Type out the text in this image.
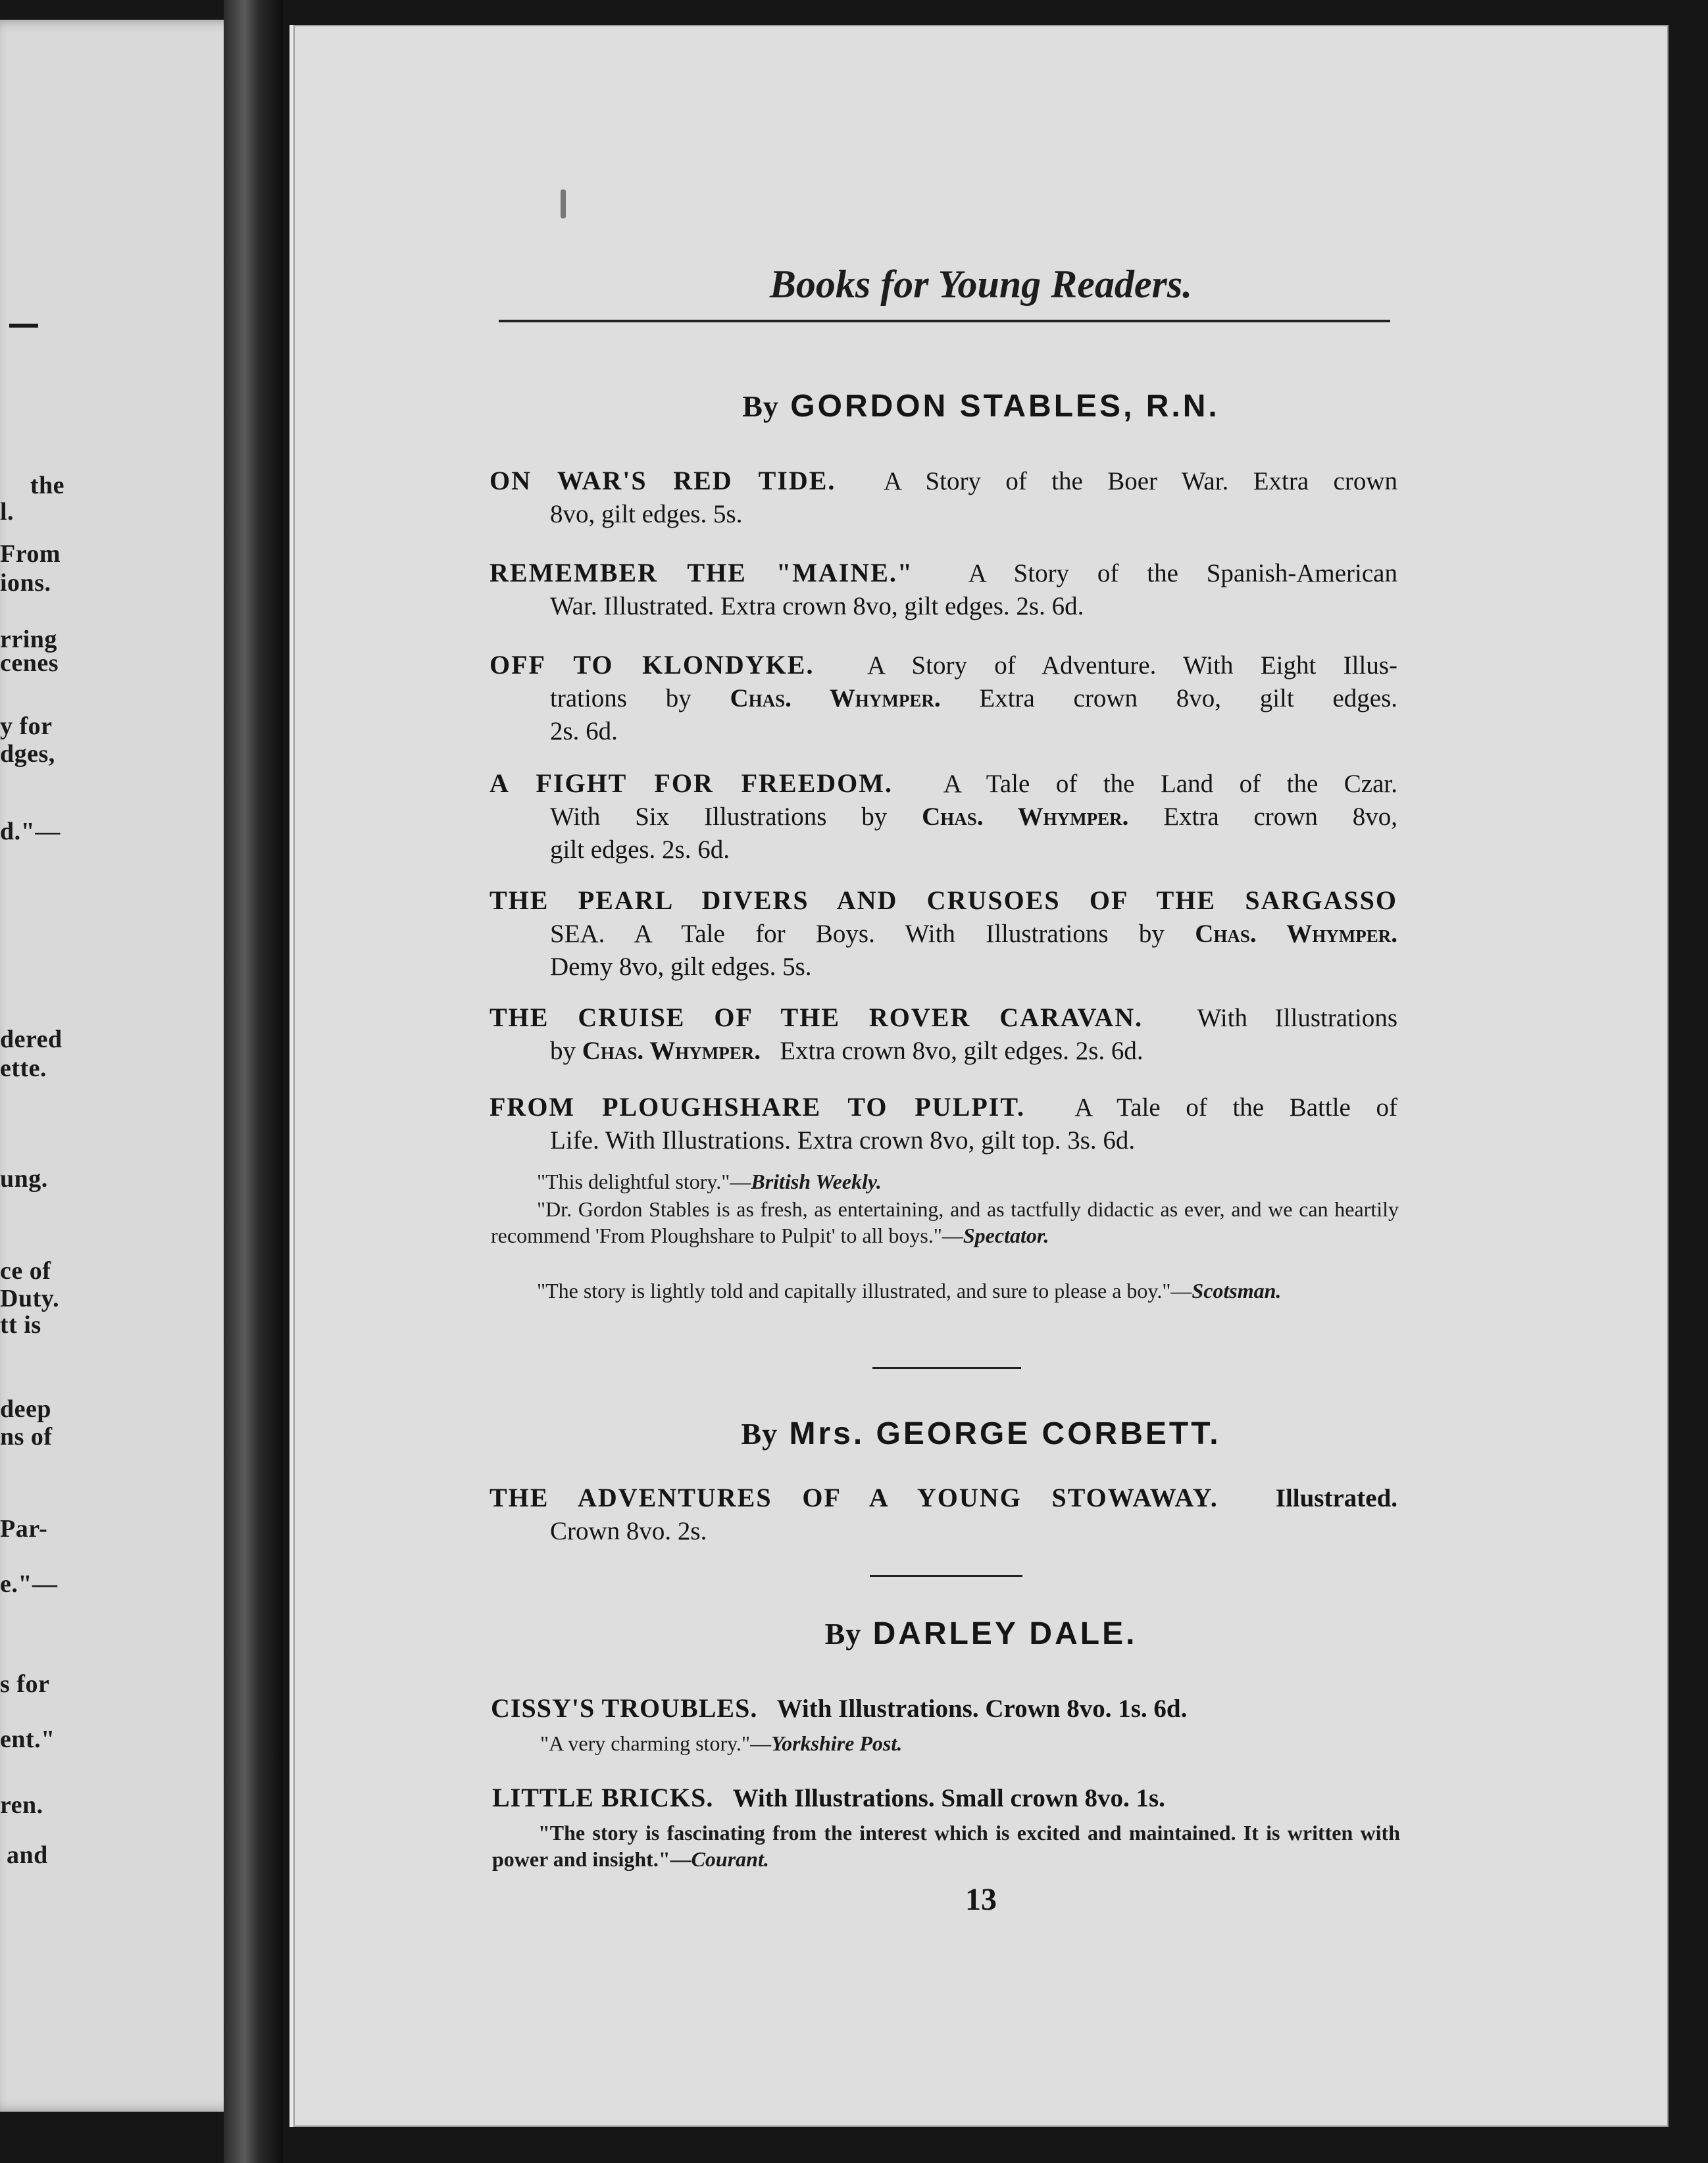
the
l.
From
ions.
rring
cenes
y for
dges,
d."—
dered
ette.
ung.
ce of
Duty.
tt is
deep
ns of
Par-
e."—
s for
ent."
ren.
and
Books for Young Readers.
By GORDON STABLES, R.N.
ON WAR'S RED TIDE. A Story of the Boer War. Extra crown
8vo, gilt edges. 5s.
REMEMBER THE "MAINE." A Story of the Spanish-American
War. Illustrated. Extra crown 8vo, gilt edges. 2s. 6d.
OFF TO KLONDYKE. A Story of Adventure. With Eight Illus-
trations by Chas. Whymper. Extra crown 8vo, gilt edges.
2s. 6d.
A FIGHT FOR FREEDOM. A Tale of the Land of the Czar.
With Six Illustrations by Chas. Whymper. Extra crown 8vo,
gilt edges. 2s. 6d.
THE PEARL DIVERS AND CRUSOES OF THE SARGASSO
SEA. A Tale for Boys. With Illustrations by Chas. Whymper.
Demy 8vo, gilt edges. 5s.
THE CRUISE OF THE ROVER CARAVAN. With Illustrations
by Chas. Whymper. Extra crown 8vo, gilt edges. 2s. 6d.
FROM PLOUGHSHARE TO PULPIT. A Tale of the Battle of
Life. With Illustrations. Extra crown 8vo, gilt top. 3s. 6d.
"This delightful story."—British Weekly.
"Dr. Gordon Stables is as fresh, as entertaining, and as tactfully didactic as ever, and we can heartily recommend 'From Ploughshare to Pulpit' to all boys."—Spectator.
"The story is lightly told and capitally illustrated, and sure to please a boy."—Scotsman.
By Mrs. GEORGE CORBETT.
THE ADVENTURES OF A YOUNG STOWAWAY. Illustrated.
Crown 8vo. 2s.
By DARLEY DALE.
CISSY'S TROUBLES. With Illustrations. Crown 8vo. 1s. 6d.
"A very charming story."—Yorkshire Post.
LITTLE BRICKS. With Illustrations. Small crown 8vo. 1s.
"The story is fascinating from the interest which is excited and maintained. It is written with power and insight."—Courant.
13
